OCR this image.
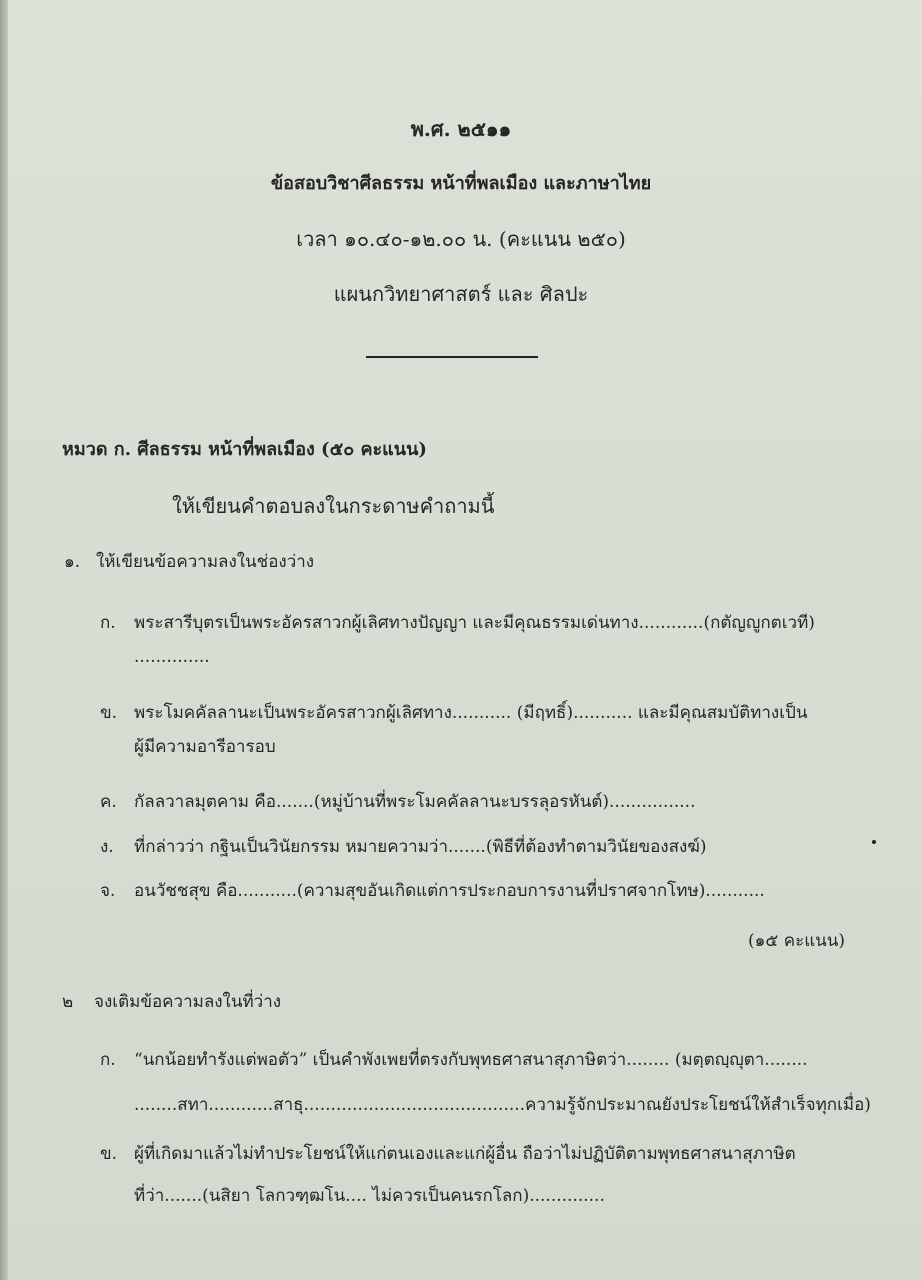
พ.ศ. ๒๕๑๑
ข้อสอบวิชาศีลธรรม หน้าที่พลเมือง และภาษาไทย
เวลา ๑๐.๔๐-๑๒.๐๐ น. (คะแนน ๒๕๐)
แผนกวิทยาศาสตร์ และ ศิลปะ
หมวด ก. ศีลธรรม หน้าที่พลเมือง (๕๐ คะแนน)
ให้เขียนคำตอบลงในกระดาษคำถามนี้
๑. ให้เขียนข้อความลงในช่องว่าง
ก. พระสารีบุตรเป็นพระอัครสาวกผู้เลิศทางปัญญา และมีคุณธรรมเด่นทาง............(กตัญญูกตเวที)
..............
ข. พระโมคคัลลานะเป็นพระอัครสาวกผู้เลิศทาง........... (มีฤทธิ์)........... และมีคุณสมบัติทางเป็น
ผู้มีความอารีอารอบ
ค. กัลลวาลมุตคาม คือ.......(หมู่บ้านที่พระโมคคัลลานะบรรลุอรหันต์)................
ง. ที่กล่าวว่า กฐินเป็นวินัยกรรม หมายความว่า.......(พิธีที่ต้องทำตามวินัยของสงฆ์)
จ. อนวัชชสุข คือ...........(ความสุขอันเกิดแต่การประกอบการงานที่ปราศจากโทษ)...........
(๑๕ คะแนน)
๒ จงเติมข้อความลงในที่ว่าง
ก. “นกน้อยทำรังแต่พอตัว” เป็นคำพังเพยที่ตรงกับพุทธศาสนาสุภาษิตว่า........ (มตฺตญฺญุตา........
........สทา............สาธุ.........................................ความรู้จักประมาณยังประโยชน์ให้สำเร็จทุกเมื่อ)
ข. ผู้ที่เกิดมาแล้วไม่ทำประโยชน์ให้แก่ตนเองและแก่ผู้อื่น ถือว่าไม่ปฏิบัติตามพุทธศาสนาสุภาษิต
ที่ว่า.......(นสิยา โลกวฑฺฒโน.... ไม่ควรเป็นคนรกโลก)..............
